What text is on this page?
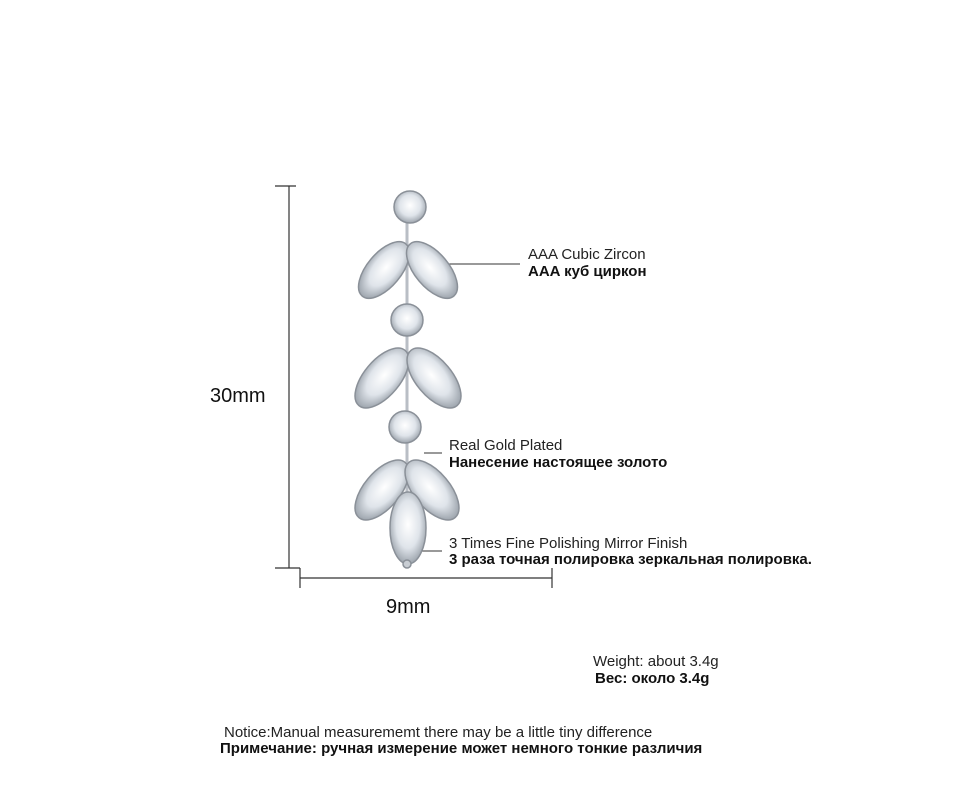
30mm
9mm
AAA Cubic Zircon
AAA куб циркон
Real Gold Plated
Нанесение настоящее золото
3 Times Fine Polishing Mirror Finish
3 раза точная полировка зеркальная полировка.
Weight: about 3.4g
Вес: около 3.4g
Notice:Manual measurememt there may be a little tiny difference
Примечание: ручная измерение может немного тонкие различия
